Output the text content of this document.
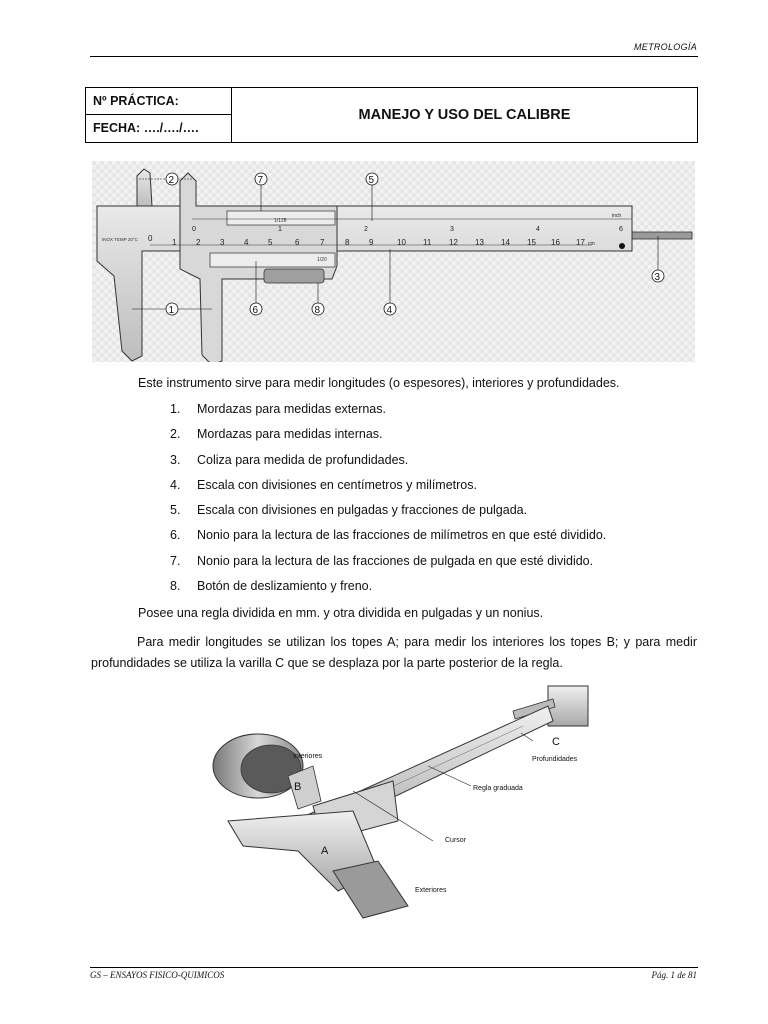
METROLOGÍA
Nº PRÁCTICA:
FECHA: …./…./….
MANEJO Y USO DEL CALIBRE
0	1	2	3	4	6
inch
0 1 2 3 4 5	6	7	8 9	10 11 12 13 14 15 16 17 cm
INOX TEMP 20°C
1/20
1/128
2	7	5
3
1	6	8	4
Este instrumento sirve para medir longitudes (o espesores), interiores y profundidades.
1.	Mordazas para medidas externas.
2.	Mordazas para medidas internas.
3.	Coliza para medida de profundidades.
4.	Escala con divisiones en centímetros y milímetros.
5.	Escala con divisiones en pulgadas y fracciones de pulgada.
6.	Nonio para la lectura de las fracciones de milímetros en que esté dividido.
7.	Nonio para la lectura de las fracciones de pulgada en que esté dividido.
8.	Botón de deslizamiento y freno.
Posee una regla dividida en mm. y otra dividida en pulgadas y un nonius.

Para medir longitudes se utilizan los topes A; para medir los interiores los topes B; y para medir profundidades se utiliza la varilla C que se desplaza por la parte posterior de la regla.

Interiores
B
C
Profundidades
Regla graduada
Cursor
A
Exteriores
GS – ENSAYOS FISICO-QUIMICOS	Pág. 1 de 81
